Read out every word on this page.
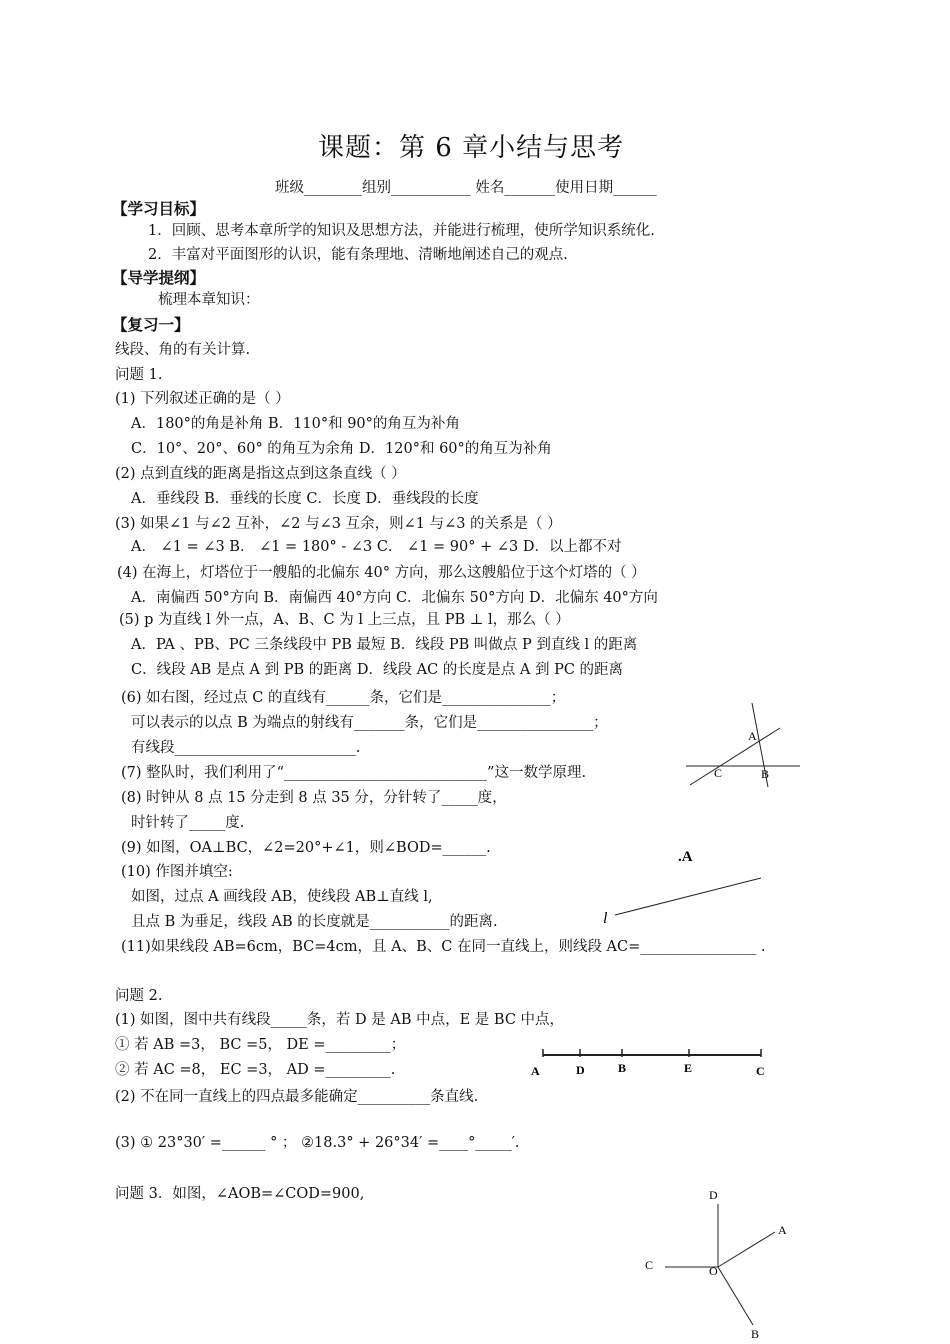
课题：第 6 章小结与思考
班级________组别___________ 姓名_______使用日期______
【学习目标】
1．回顾、思考本章所学的知识及思想方法，并能进行梳理，使所学知识系统化.
2．丰富对平面图形的认识，能有条理地、清晰地阐述自己的观点.
【导学提纲】
梳理本章知识：
【复习一】
线段、角的有关计算.
问题 1.
(1) 下列叙述正确的是（ ）
A．180°的角是补角 B．110°和 90°的角互为补角
C．10°、20°、60° 的角互为余角 D．120°和 60°的角互为补角
(2) 点到直线的距离是指这点到这条直线（ ）
A．垂线段 B．垂线的长度 C．长度 D．垂线段的长度
(3) 如果∠1 与∠2 互补，∠2 与∠3 互余，则∠1 与∠3 的关系是（ ）
A． ∠1 = ∠3 B． ∠1 = 180° - ∠3 C． ∠1 = 90° + ∠3 D．以上都不对
(4) 在海上，灯塔位于一艘船的北偏东 40° 方向，那么这艘船位于这个灯塔的（ ）
A．南偏西 50°方向 B．南偏西 40°方向 C．北偏东 50°方向 D．北偏东 40°方向
(5) p 为直线 l 外一点，A、B、C 为 l 上三点，且 PB ⊥ l，那么（ ）
A．PA 、PB、PC 三条线段中 PB 最短 B．线段 PB 叫做点 P 到直线 l 的距离
C．线段 AB 是点 A 到 PB 的距离 D．线段 AC 的长度是点 A 到 PC 的距离
(6) 如右图，经过点 C 的直线有______条，它们是_______________；
可以表示的以点 B 为端点的射线有_______条，它们是________________；
有线段_________________________.
(7) 整队时，我们利用了“____________________________”这一数学原理.
(8) 时钟从 8 点 15 分走到 8 点 35 分，分针转了_____度，
时针转了_____度.
(9) 如图，OA⊥BC，∠2=20°+∠1，则∠BOD=______.
(10) 作图并填空:
如图，过点 A 画线段 AB，使线段 AB⊥直线 l,
且点 B 为垂足，线段 AB 的长度就是___________的距离.
(11)如果线段 AB=6cm，BC=4cm，且 A、B、C 在同一直线上，则线段 AC=________________ .
问题 2.
(1) 如图，图中共有线段_____条，若 D 是 AB 中点，E 是 BC 中点，
① 若 AB =3， BC =5， DE =_________；
② 若 AC =8， EC =3， AD =_________.
(2) 不在同一直线上的四点最多能确定__________条直线.
(3) ① 23°30′ =______ ° ； ②18.3° + 26°34′ =____°_____′.
问题 3．如图，∠AOB=∠COD=900,
A
C	B
.A
l
A	D	B	E	C
D
A
C	O
B
